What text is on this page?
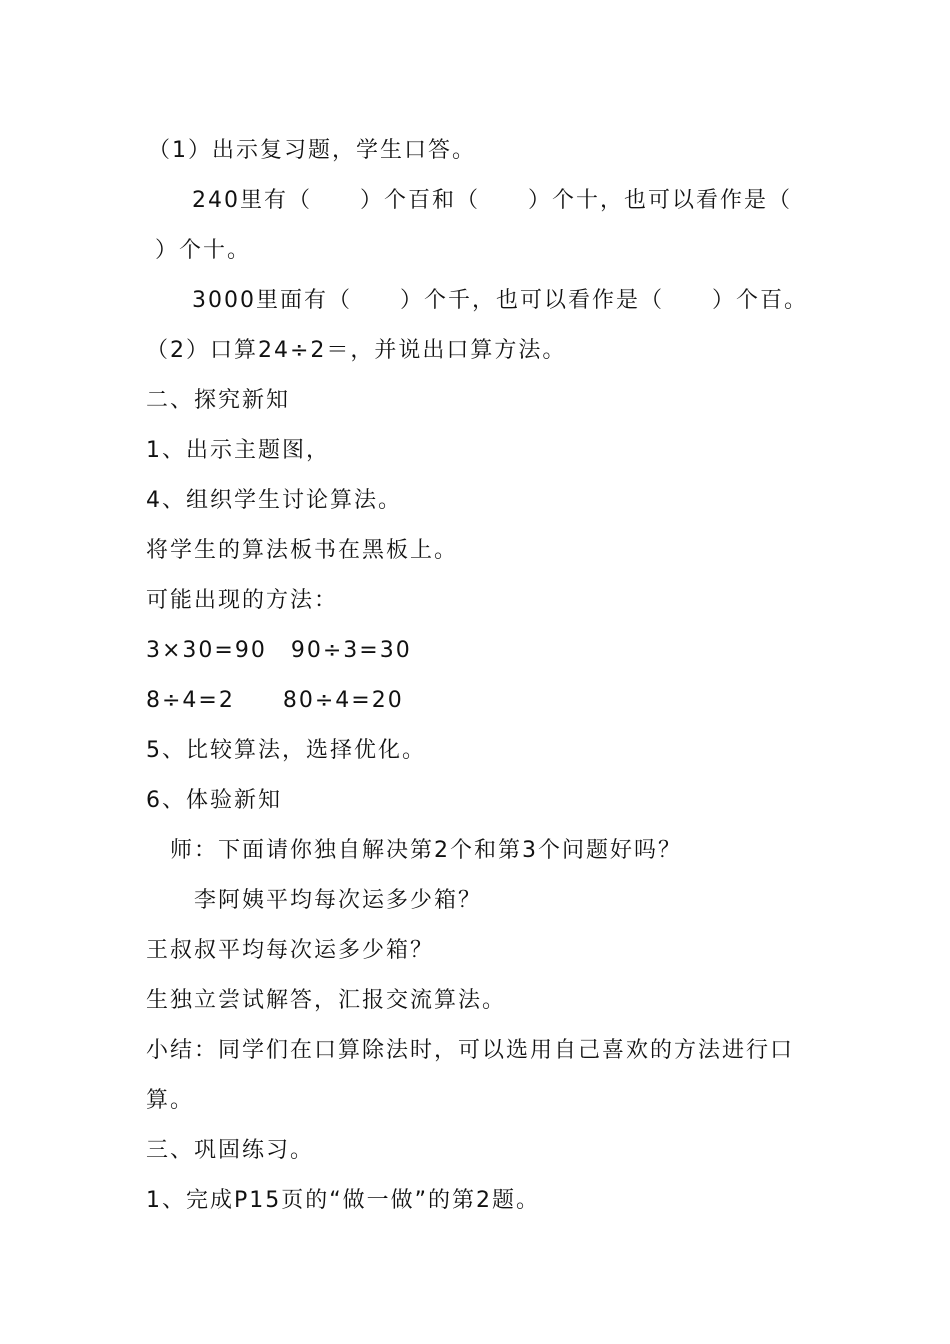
（1）出示复习题，学生口答。
240里有（　　）个百和（　　）个十，也可以看作是（
）个十。
3000里面有（　　）个千，也可以看作是（　　）个百。
（2）口算24÷2＝，并说出口算方法。
二、探究新知
1、出示主题图，
4、组织学生讨论算法。
将学生的算法板书在黑板上。
可能出现的方法：
3×30=90　90÷3=30
8÷4=2　　80÷4=20
5、比较算法，选择优化。
6、体验新知
师：下面请你独自解决第2个和第3个问题好吗？
李阿姨平均每次运多少箱？
王叔叔平均每次运多少箱？
生独立尝试解答，汇报交流算法。
小结：同学们在口算除法时，可以选用自己喜欢的方法进行口
算。
三、巩固练习。
1、完成P15页的“做一做”的第2题。
